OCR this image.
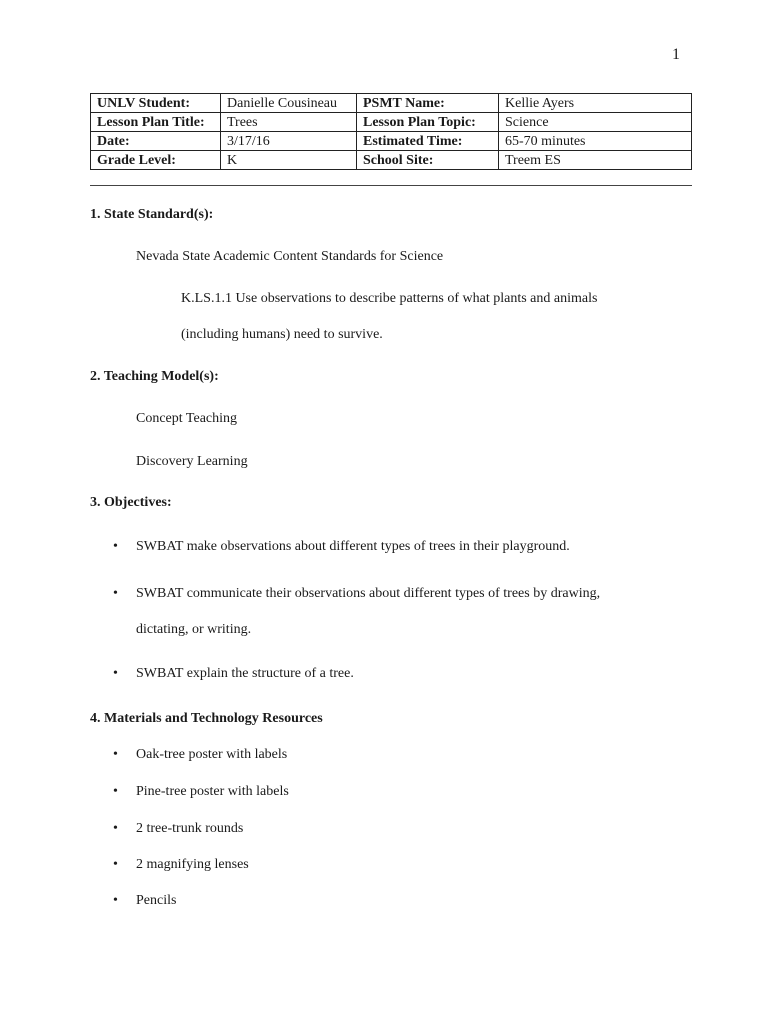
1
UNLV Student:	Danielle Cousineau	PSMT Name:	Kellie Ayers
Lesson Plan Title:	Trees	Lesson Plan Topic:	Science
Date:	3/17/16	Estimated Time:	65-70 minutes
Grade Level:	K	School Site:	Treem ES
1. State Standard(s):
Nevada State Academic Content Standards for Science
K.LS.1.1 Use observations to describe patterns of what plants and animals
(including humans) need to survive.
2. Teaching Model(s):
Concept Teaching
Discovery Learning
3. Objectives:
• SWBAT make observations about different types of trees in their playground.
• SWBAT communicate their observations about different types of trees by drawing,
dictating, or writing.
• SWBAT explain the structure of a tree.
4. Materials and Technology Resources
• Oak-tree poster with labels
• Pine-tree poster with labels
• 2 tree-trunk rounds
• 2 magnifying lenses
• Pencils
